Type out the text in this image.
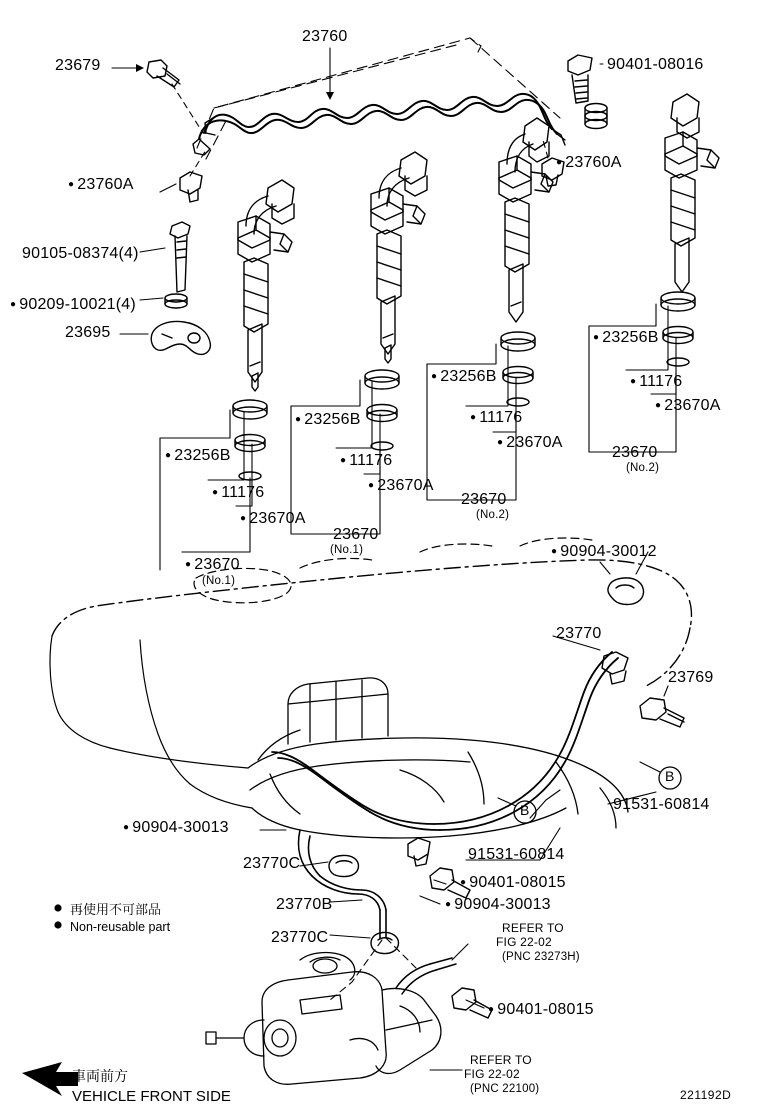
23760
23679	90401-08016
● 23760A
● 23760A
90105-08374(4)
● 90209-10021(4)
23695	● 23256B
● 11176
● 23670A
23670
(No.2)
● 23256B
● 11176
● 23670A
23670
(No.2)
● 23256B
● 11176
● 23670A
23670
(No.1)
● 23256B
● 11176
● 23670A
● 23670
(No.1)
● 90904-30012
23770
23769
91531-60814
● 90904-30013
23770C
91531-60814
● 90401-08015
● 90904-30013
23770B
23770C
● 90401-08015
B
B
REFER TO
FIG 22-02
(PNC 23273H)
REFER TO
FIG 22-02
(PNC 22100)
再使用不可部品
Non-reusable part
車両前方
VEHICLE FRONT SIDE	221192D
